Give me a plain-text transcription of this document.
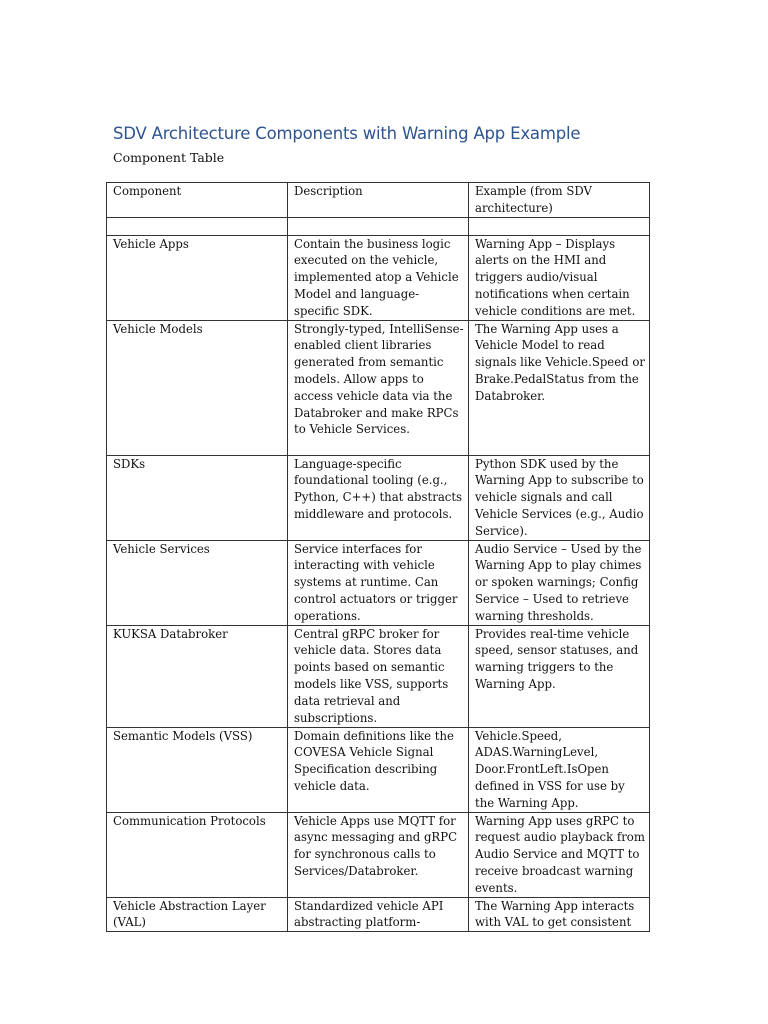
SDV Architecture Components with Warning App Example

Component Table

Component	Description	Example (from SDV architecture)

Vehicle Apps	Contain the business logic executed on the vehicle, implemented atop a Vehicle Model and language-specific SDK.	Warning App – Displays alerts on the HMI and triggers audio/visual notifications when certain vehicle conditions are met.
Vehicle Models	Strongly-typed, IntelliSense-enabled client libraries generated from semantic models. Allow apps to access vehicle data via the Databroker and make RPCs to Vehicle Services.	The Warning App uses a Vehicle Model to read signals like Vehicle.Speed or Brake.PedalStatus from the Databroker.
SDKs	Language-specific foundational tooling (e.g., Python, C++) that abstracts middleware and protocols.	Python SDK used by the Warning App to subscribe to vehicle signals and call Vehicle Services (e.g., Audio Service).
Vehicle Services	Service interfaces for interacting with vehicle systems at runtime. Can control actuators or trigger operations.	Audio Service – Used by the Warning App to play chimes or spoken warnings; Config Service – Used to retrieve warning thresholds.
KUKSA Databroker	Central gRPC broker for vehicle data. Stores data points based on semantic models like VSS, supports data retrieval and subscriptions.	Provides real-time vehicle speed, sensor statuses, and warning triggers to the Warning App.
Semantic Models (VSS)	Domain definitions like the COVESA Vehicle Signal Specification describing vehicle data.	Vehicle.Speed, ADAS.WarningLevel, Door.FrontLeft.IsOpen defined in VSS for use by the Warning App.
Communication Protocols	Vehicle Apps use MQTT for async messaging and gRPC for synchronous calls to Services/Databroker.	Warning App uses gRPC to request audio playback from Audio Service and MQTT to receive broadcast warning events.
Vehicle Abstraction Layer (VAL)	Standardized vehicle API abstracting platform-	The Warning App interacts with VAL to get consistent
